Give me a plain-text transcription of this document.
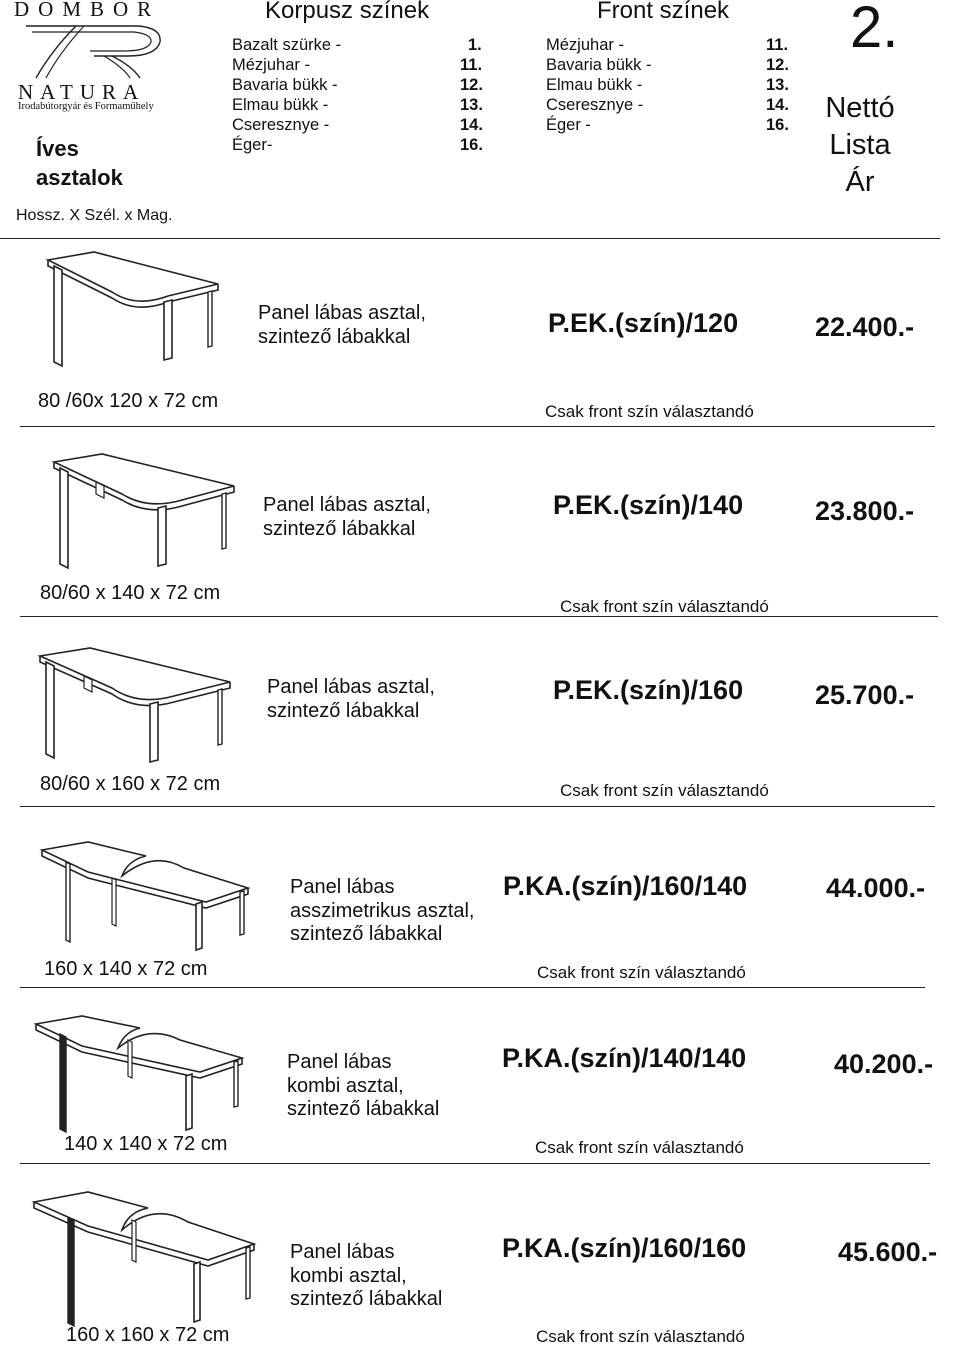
DOMBOR
NATURA
Irodabútorgyár és Formaműhely
Íves
asztalok
Hossz. X Szél. x Mag.
Korpusz színek
Bazalt szürke -	1.
Mézjuhar -	11.
Bavaria bükk -	12.
Elmau bükk -	13.
Cseresznye -	14.
Éger-	16.
Front színek
Mézjuhar -	11.
Bavaria bükk -	12.
Elmau bükk -	13.
Cseresznye -	14.
Éger -	16.
2.
Nettó
Lista
Ár
Panel lábas asztal,
szintező lábakkal	P.EK.(szín)/120	22.400.-
80 /60x 120 x 72 cm	Csak front szín választandó
Panel lábas asztal,
szintező lábakkal
P.EK.(szín)/140	23.800.-
80/60 x 140 x 72 cm
Csak front szín választandó
Panel lábas asztal,
szintező lábakkal
P.EK.(szín)/160	25.700.-
80/60 x 160 x 72 cm	Csak front szín választandó
Panel lábas
asszimetrikus asztal,
szintező lábakkal
P.KA.(szín)/160/140	44.000.-
160 x 140 x 72 cm	Csak front szín választandó
Panel lábas
kombi asztal,
szintező lábakkal
P.KA.(szín)/140/140	40.200.-
140 x 140 x 72 cm	Csak front szín választandó
Panel lábas
kombi asztal,
szintező lábakkal
P.KA.(szín)/160/160	45.600.-
160 x 160 x 72 cm	Csak front szín választandó
